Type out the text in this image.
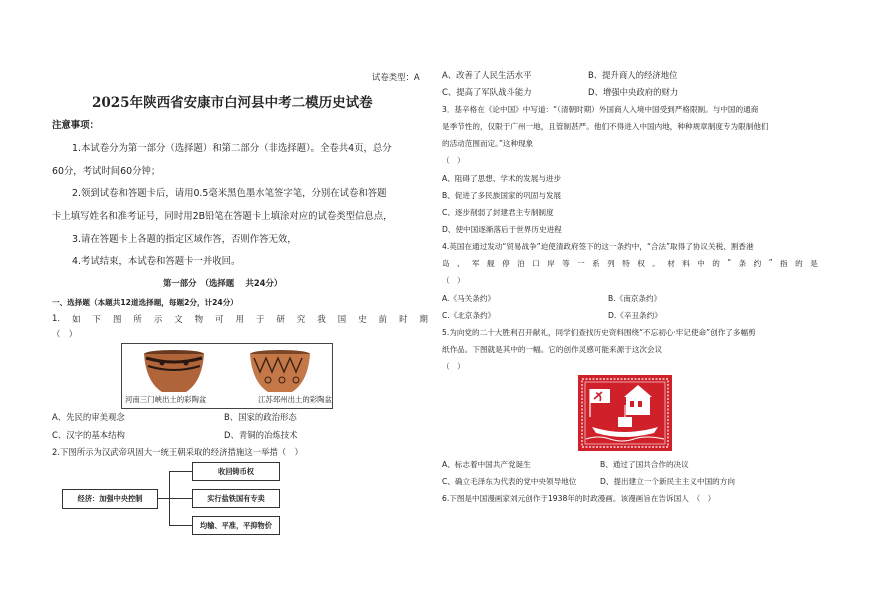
试卷类型：A
2025年陕西省安康市白河县中考二模历史试卷
注意事项：
1.本试卷分为第一部分（选择题）和第二部分（非选择题）。全卷共4页，总分
60分，考试时间60分钟；
2.领到试卷和答题卡后，请用0.5毫米黑色墨水笔签字笔，分别在试卷和答题
卡上填写姓名和准考证号，同时用2B铅笔在答题卡上填涂对应的试卷类型信息点，
3.请在答题卡上各题的指定区域作答，否则作答无效，
4.考试结束，本试卷和答题卡一并收回。
第一部分　（选择题　 共24分）
一、选择题（本题共12道选择题，每题2分，计24分）
1. 如 下 图 所 示 文 物 可 用 于 研 究 我 国 史 前 时 期
（　）
河南三门峡出土的彩陶盆	江苏邳州出土的彩陶盆
A、先民的审美观念	B、国家的政治形态
C、汉字的基本结构	D、青铜的冶炼技术
2.下图所示为汉武帝巩固大一统王朝采取的经济措施这一举措（　）
经济：加强中央控制
收回铸币权
实行盐铁国有专卖
均输、平准，平抑物价
A、改善了人民生活水平	B、提升商人的经济地位
C、提高了军队战斗能力	D、增强中央政府的财力
3．基辛格在《论中国》中写道：“（清朝时期）外国商人入境中国受到严格限制。与中国的通商
是季节性的，仅限于广州一地，且管制甚严。他们不得进入中国内地，种种规章制度专为限制他们
的活动范围而定。”这种现象
（　）
A、阻碍了思想、学术的发展与进步
B、促进了多民族国家的巩固与发展
C、逐步削弱了封建君主专制制度
D、使中国逐渐落后于世界历史进程
4.英国在通过发动“贸易战争”迫使清政府签下的这一条约中，“合法”取得了协议关税、割香港
岛 、 军 舰 停 泊 口 岸 等 一 系 列 特 权 。 材 料 中 的 “ 条 约 ” 指 的 是
（　）
A.《马关条约》	B.《南京条约》
C.《北京条约》	D.《辛丑条约》
5.为向党的二十大胜利召开献礼，同学们查找历史资料围绕“不忘初心·牢记使命”创作了多幅剪
纸作品。下图就是其中的一幅。它的创作灵感可能来源于这次会议
（　）
A、标志着中国共产党诞生	B、通过了国共合作的决议
C、确立毛泽东为代表的党中央领导地位	D、提出建立一个新民主主义中国的方向
6.下图是中国漫画家刘元创作于1938年的时政漫画。该漫画旨在告诉国人　（　）
